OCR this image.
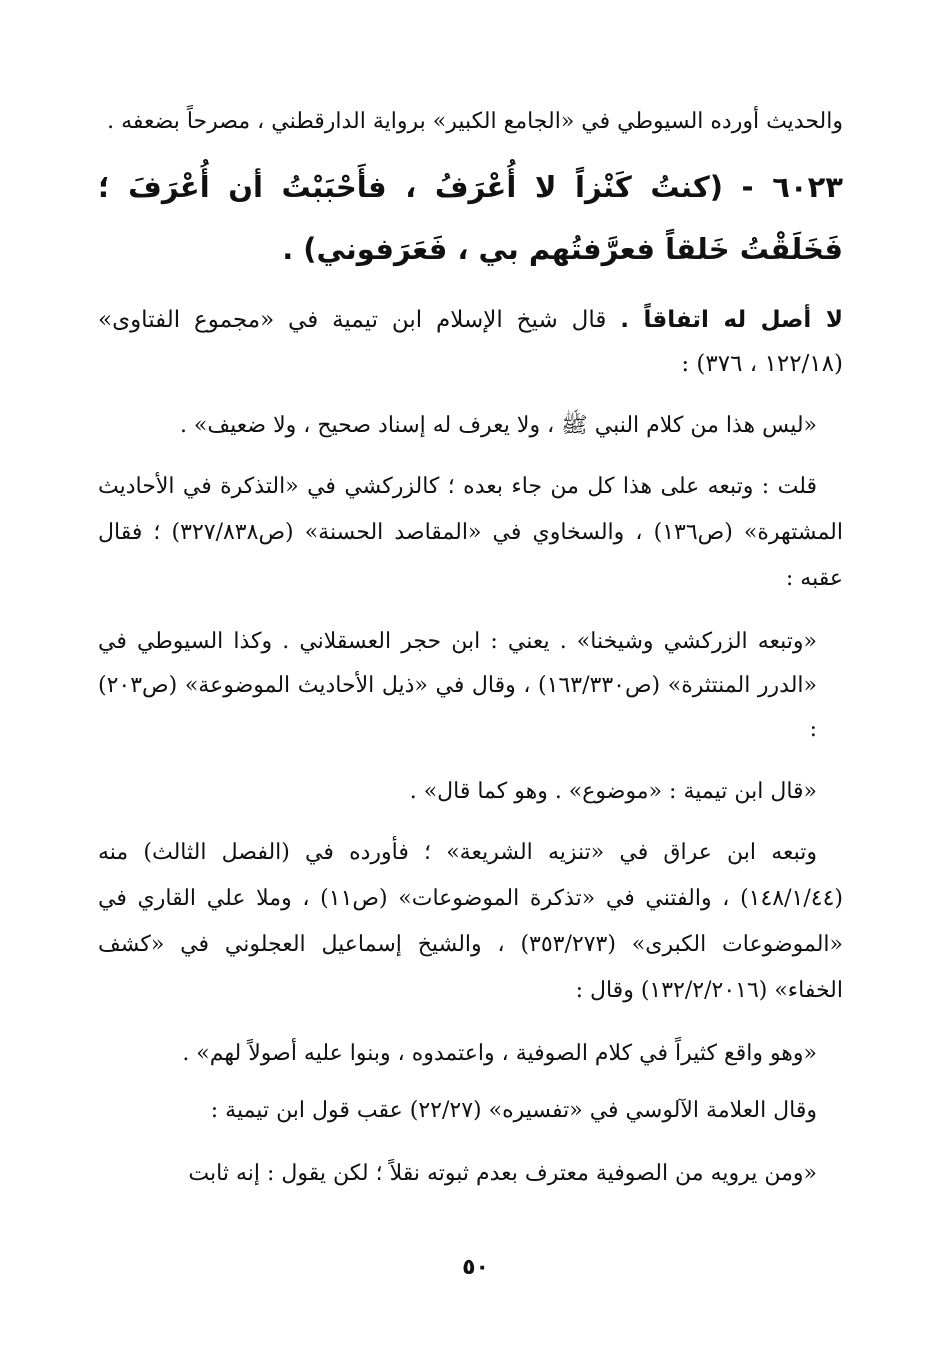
والحديث أورده السيوطي في «الجامع الكبير» برواية الدارقطني ، مصرحاً بضعفه .

٦٠٢٣ - (كنتُ كَنْزاً لا أُعْرَفُ ، فأَحْبَبْتُ أن أُعْرَفَ ؛ فَخَلَقْتُ خَلقاً فعرَّفتُهم بي ، فَعَرَفوني) .

لا أصل له اتفاقاً . قال شيخ الإسلام ابن تيمية في «مجموع الفتاوى» (١٢٢/١٨ ، ٣٧٦) :

«ليس هذا من كلام النبي ﷺ ، ولا يعرف له إسناد صحيح ، ولا ضعيف» .

قلت : وتبعه على هذا كل من جاء بعده ؛ كالزركشي في «التذكرة في الأحاديث المشتهرة» (ص١٣٦) ، والسخاوي في «المقاصد الحسنة» (ص٣٢٧/٨٣٨) ؛ فقال عقبه :

«وتبعه الزركشي وشيخنا» . يعني : ابن حجر العسقلاني . وكذا السيوطي في «الدرر المنتثرة» (ص١٦٣/٣٣٠) ، وقال في «ذيل الأحاديث الموضوعة» (ص٢٠٣) :

«قال ابن تيمية : «موضوع» . وهو كما قال» .

وتبعه ابن عراق في «تنزيه الشريعة» ؛ فأورده في (الفصل الثالث) منه (١٤٨/١/٤٤) ، والفتني في «تذكرة الموضوعات» (ص١١) ، وملا علي القاري في «الموضوعات الكبرى» (٣٥٣/٢٧٣) ، والشيخ إسماعيل العجلوني في «كشف الخفاء» (١٣٢/٢/٢٠١٦) وقال :

«وهو واقع كثيراً في كلام الصوفية ، واعتمدوه ، وبنوا عليه أصولاً لهم» .

وقال العلامة الآلوسي في «تفسيره» (٢٢/٢٧) عقب قول ابن تيمية :

«ومن يرويه من الصوفية معترف بعدم ثبوته نقلاً ؛ لكن يقول : إنه ثابت

٥٠
